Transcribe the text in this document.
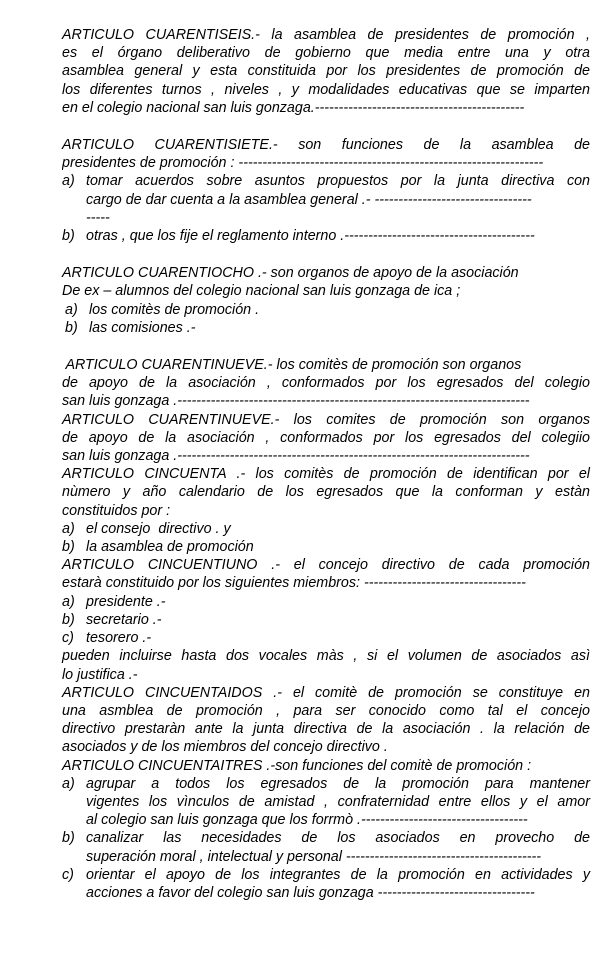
ARTICULO CUARENTISEIS.- la asamblea de presidentes de promoción ,
es el órgano deliberativo de gobierno que media entre una y otra
asamblea general y esta constituida por los presidentes de promoción de
los diferentes turnos , niveles , y modalidades educativas que se imparten
en el colegio nacional san luis gonzaga.--------------------------------------------
ARTICULO CUARENTISIETE.- son funciones de la asamblea de
presidentes de promoción : ----------------------------------------------------------------
a) tomar acuerdos sobre asuntos propuestos por la junta directiva con
cargo de dar cuenta a la asamblea general .- ---------------------------------
-----
b) otras , que los fije el reglamento interno .----------------------------------------
ARTICULO CUARENTIOCHO .- son organos de apoyo de la asociación
De ex – alumnos del colegio nacional san luis gonzaga de ica ;
a) los comitès de promoción .
b) las comisiones .-
ARTICULO CUARENTINUEVE.- los comitès de promoción son organos
de apoyo de la asociación , conformados por los egresados del colegio
san luis gonzaga .--------------------------------------------------------------------------
ARTICULO CUARENTINUEVE.- los comites de promoción son organos
de apoyo de la asociación , conformados por los egresados del colegiio
san luis gonzaga .--------------------------------------------------------------------------
ARTICULO CINCUENTA .- los comitès de promoción de identifican por el
nùmero y año calendario de los egresados que la conforman y estàn
constituidos por :
a) el consejo  directivo . y
b) la asamblea de promoción
ARTICULO CINCUENTIUNO .- el concejo directivo de cada promoción
estarà constituido por los siguientes miembros: ----------------------------------
a) presidente .-
b) secretario .-
c) tesorero .-
pueden incluirse hasta dos vocales màs , si el volumen de asociados asì
lo justifica .-
ARTICULO CINCUENTAIDOS .- el comitè de promoción se constituye en
una asmblea de promoción , para ser conocido como tal el concejo
directivo prestaràn ante la junta directiva de la asociación . la relación de
asociados y de los miembros del concejo directivo .
ARTICULO CINCUENTAITRES .-son funciones del comitè de promoción :
a) agrupar a todos los egresados de la promoción para mantener
vigentes los vìnculos de amistad , confraternidad entre ellos y el amor
al colegio san luis gonzaga que los forrmò .-----------------------------------
b) canalizar las necesidades de los asociados en provecho de
superación moral , intelectual y personal -----------------------------------------
c) orientar el apoyo de los integrantes de la promoción en actividades y
acciones a favor del colegio san luis gonzaga ---------------------------------
